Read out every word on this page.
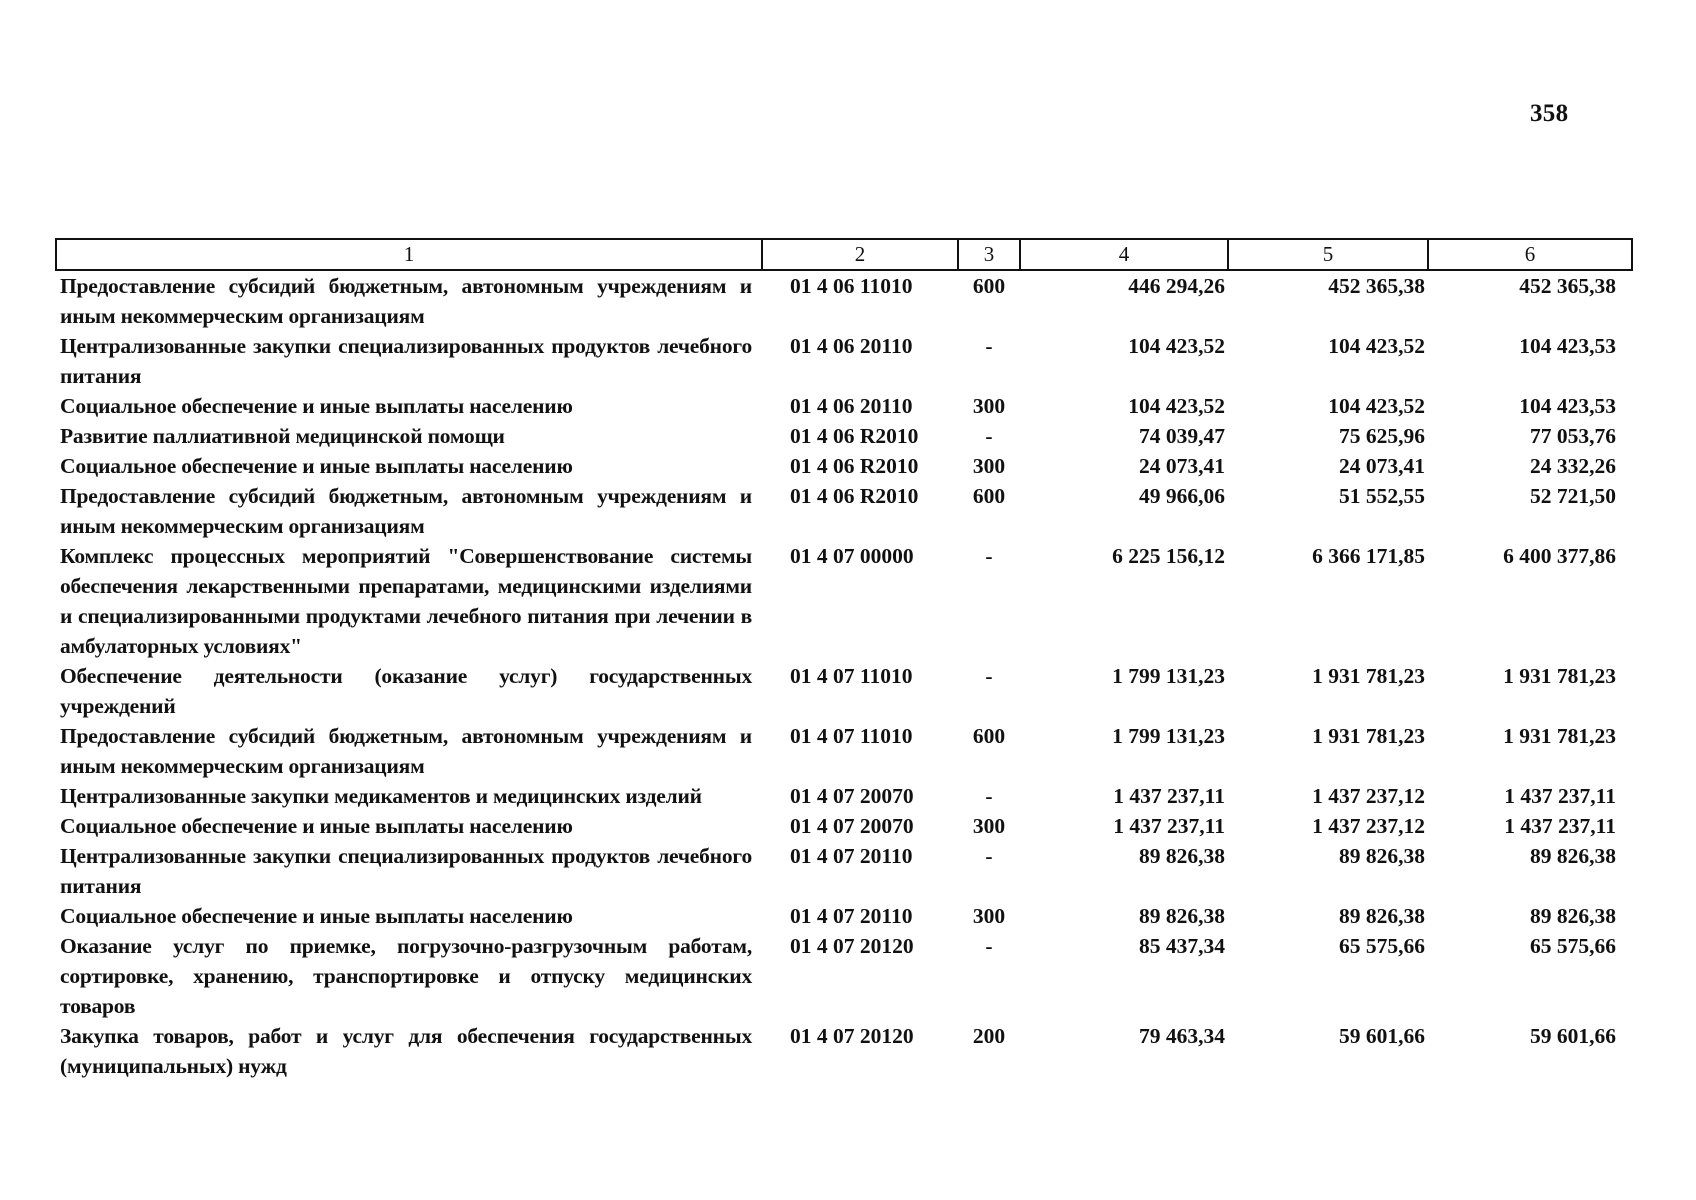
358
1	2	3	4	5	6
Предоставление субсидий бюджетным, автономным учреждениям и иным некоммерческим организациям	01 4 06 11010	600	446 294,26	452 365,38	452 365,38
Централизованные закупки специализированных продуктов лечебного питания	01 4 06 20110	-	104 423,52	104 423,52	104 423,53
Социальное обеспечение и иные выплаты населению	01 4 06 20110	300	104 423,52	104 423,52	104 423,53
Развитие паллиативной медицинской помощи	01 4 06 R2010	-	74 039,47	75 625,96	77 053,76
Социальное обеспечение и иные выплаты населению	01 4 06 R2010	300	24 073,41	24 073,41	24 332,26
Предоставление субсидий бюджетным, автономным учреждениям и иным некоммерческим организациям	01 4 06 R2010	600	49 966,06	51 552,55	52 721,50
Комплекс процессных мероприятий "Совершенствование системы обеспечения лекарственными препаратами, медицинскими изделиями и специализированными продуктами лечебного питания при лечении в амбулаторных условиях"	01 4 07 00000	-	6 225 156,12	6 366 171,85	6 400 377,86
Обеспечение деятельности (оказание услуг) государственных учреждений	01 4 07 11010	-	1 799 131,23	1 931 781,23	1 931 781,23
Предоставление субсидий бюджетным, автономным учреждениям и иным некоммерческим организациям	01 4 07 11010	600	1 799 131,23	1 931 781,23	1 931 781,23
Централизованные закупки медикаментов и медицинских изделий	01 4 07 20070	-	1 437 237,11	1 437 237,12	1 437 237,11
Социальное обеспечение и иные выплаты населению	01 4 07 20070	300	1 437 237,11	1 437 237,12	1 437 237,11
Централизованные закупки специализированных продуктов лечебного питания	01 4 07 20110	-	89 826,38	89 826,38	89 826,38
Социальное обеспечение и иные выплаты населению	01 4 07 20110	300	89 826,38	89 826,38	89 826,38
Оказание услуг по приемке, погрузочно-разгрузочным работам, сортировке, хранению, транспортировке и отпуску медицинских товаров	01 4 07 20120	-	85 437,34	65 575,66	65 575,66
Закупка товаров, работ и услуг для обеспечения государственных (муниципальных) нужд	01 4 07 20120	200	79 463,34	59 601,66	59 601,66
